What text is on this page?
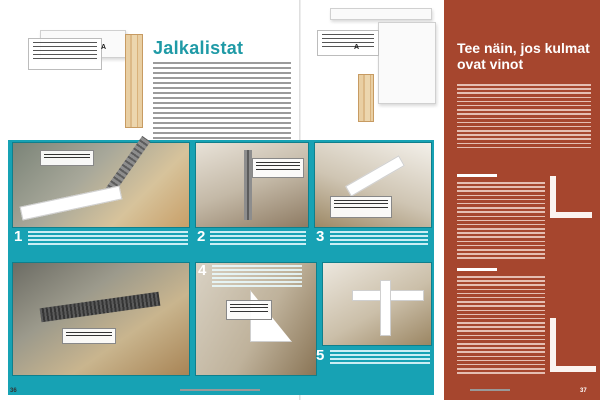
A	Jalkalistat	A
1	2	3
4
5
Tee näin, jos kulmat ovat vinot
36	37
